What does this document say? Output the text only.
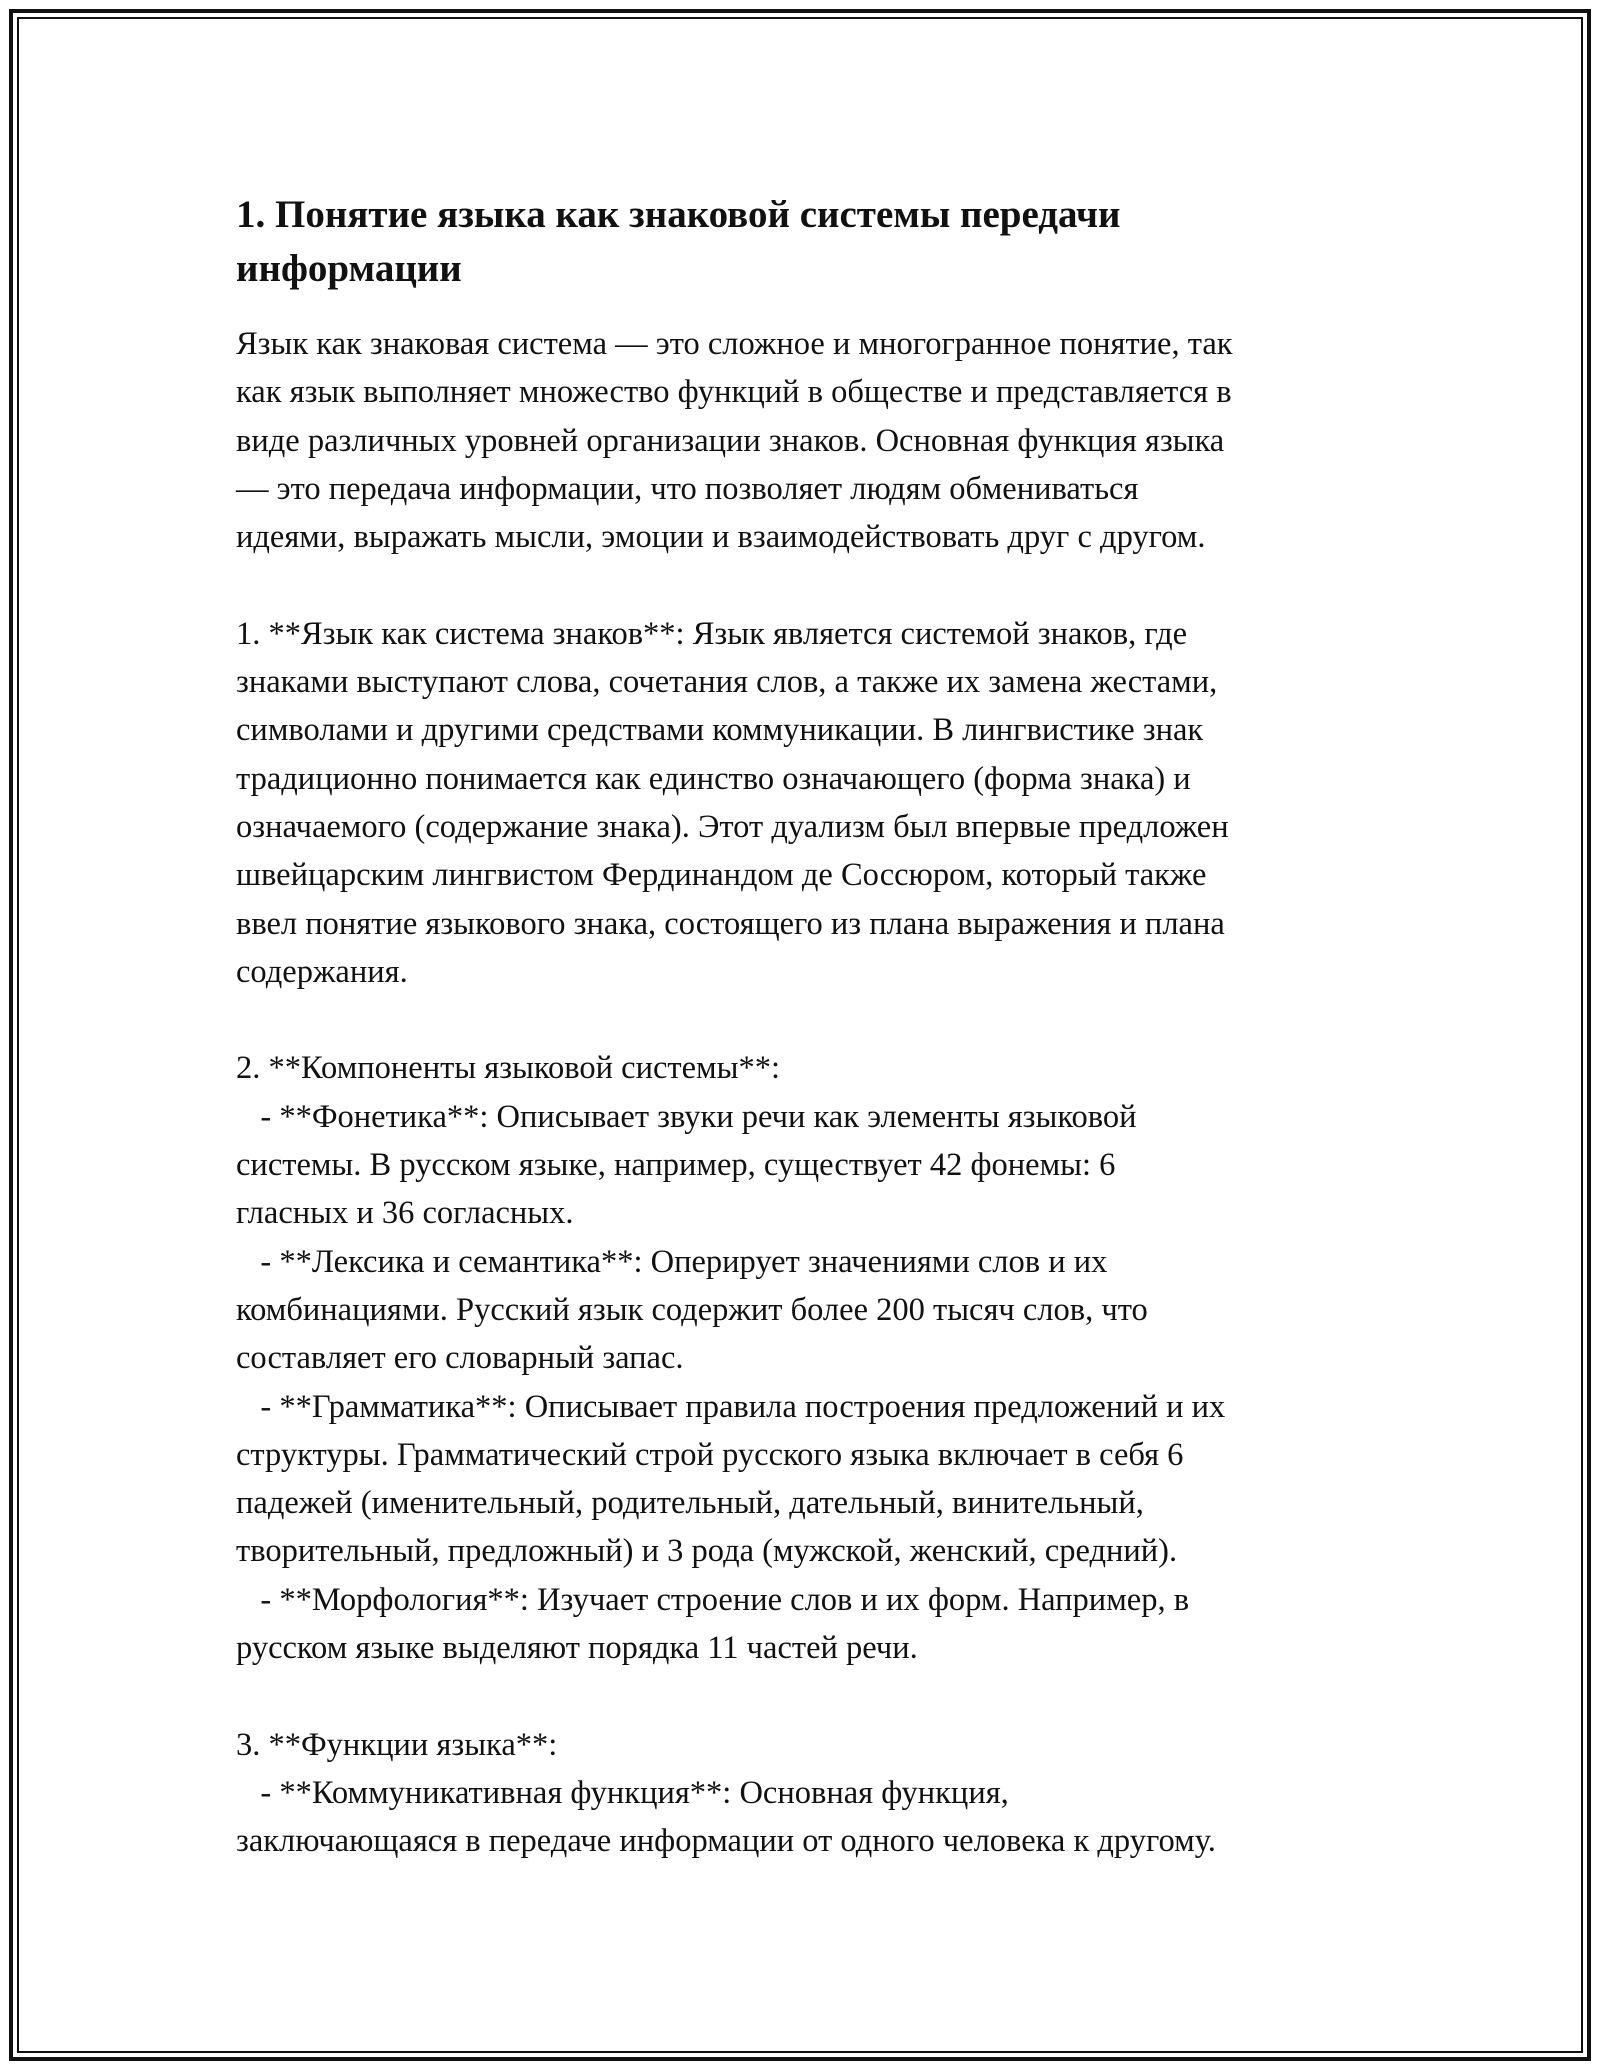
1. Понятие языка как знаковой системы передачи
информации
Язык как знаковая система — это сложное и многогранное понятие, так
как язык выполняет множество функций в обществе и представляется в
виде различных уровней организации знаков. Основная функция языка
— это передача информации, что позволяет людям обмениваться
идеями, выражать мысли, эмоции и взаимодействовать друг с другом.
1. **Язык как система знаков**: Язык является системой знаков, где
знаками выступают слова, сочетания слов, а также их замена жестами,
символами и другими средствами коммуникации. В лингвистике знак
традиционно понимается как единство означающего (форма знака) и
означаемого (содержание знака). Этот дуализм был впервые предложен
швейцарским лингвистом Фердинандом де Соссюром, который также
ввел понятие языкового знака, состоящего из плана выражения и плана
содержания.
2. **Компоненты языковой системы**:
- **Фонетика**: Описывает звуки речи как элементы языковой
системы. В русском языке, например, существует 42 фонемы: 6
гласных и 36 согласных.
- **Лексика и семантика**: Оперирует значениями слов и их
комбинациями. Русский язык содержит более 200 тысяч слов, что
составляет его словарный запас.
- **Грамматика**: Описывает правила построения предложений и их
структуры. Грамматический строй русского языка включает в себя 6
падежей (именительный, родительный, дательный, винительный,
творительный, предложный) и 3 рода (мужской, женский, средний).
- **Морфология**: Изучает строение слов и их форм. Например, в
русском языке выделяют порядка 11 частей речи.
3. **Функции языка**:
- **Коммуникативная функция**: Основная функция,
заключающаяся в передаче информации от одного человека к другому.
